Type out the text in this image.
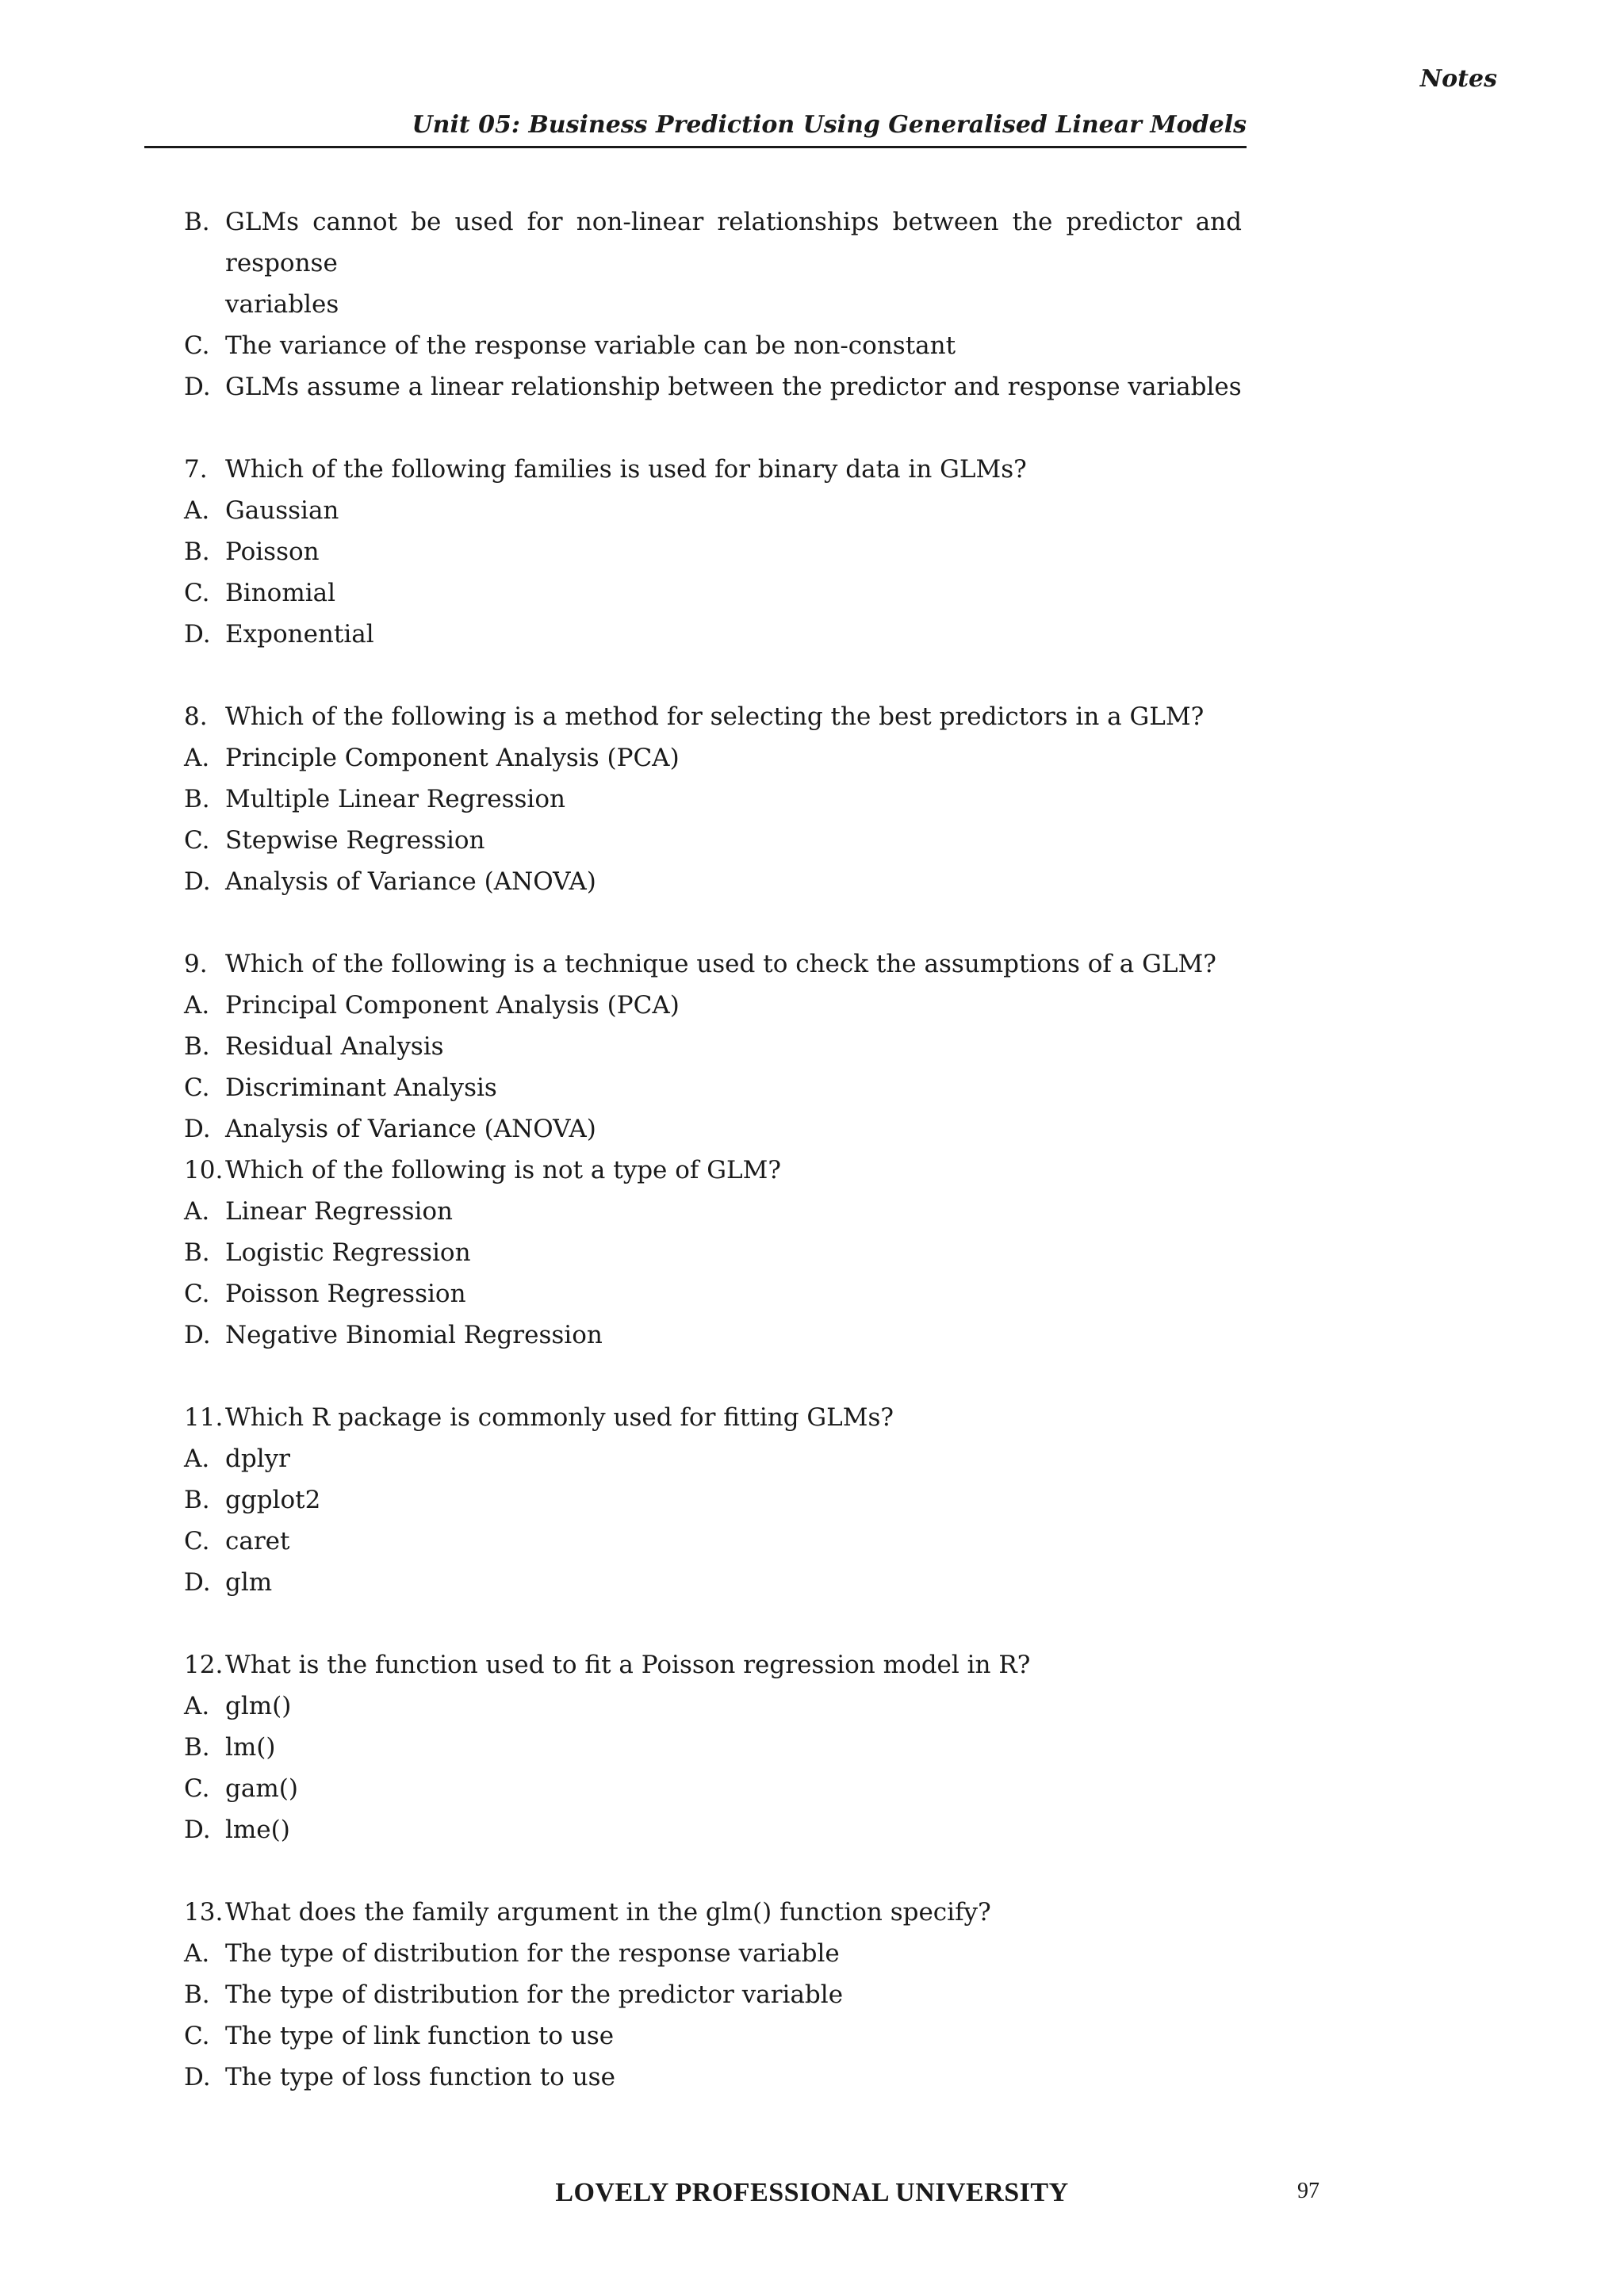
Notes
Unit 05: Business Prediction Using Generalised Linear Models
B. GLMs cannot be used for non-linear relationships between the predictor and response
variables
C. The variance of the response variable can be non-constant
D. GLMs assume a linear relationship between the predictor and response variables
7. Which of the following families is used for binary data in GLMs?
A. Gaussian
B. Poisson
C. Binomial
D. Exponential
8. Which of the following is a method for selecting the best predictors in a GLM?
A. Principle Component Analysis (PCA)
B. Multiple Linear Regression
C. Stepwise Regression
D. Analysis of Variance (ANOVA)
9. Which of the following is a technique used to check the assumptions of a GLM?
A. Principal Component Analysis (PCA)
B. Residual Analysis
C. Discriminant Analysis
D. Analysis of Variance (ANOVA)
10. Which of the following is not a type of GLM?
A. Linear Regression
B. Logistic Regression
C. Poisson Regression
D. Negative Binomial Regression
11. Which R package is commonly used for fitting GLMs?
A. dplyr
B. ggplot2
C. caret
D. glm
12. What is the function used to fit a Poisson regression model in R?
A. glm()
B. lm()
C. gam()
D. lme()
13. What does the family argument in the glm() function specify?
A. The type of distribution for the response variable
B. The type of distribution for the predictor variable
C. The type of link function to use
D. The type of loss function to use
LOVELY PROFESSIONAL UNIVERSITY	97
